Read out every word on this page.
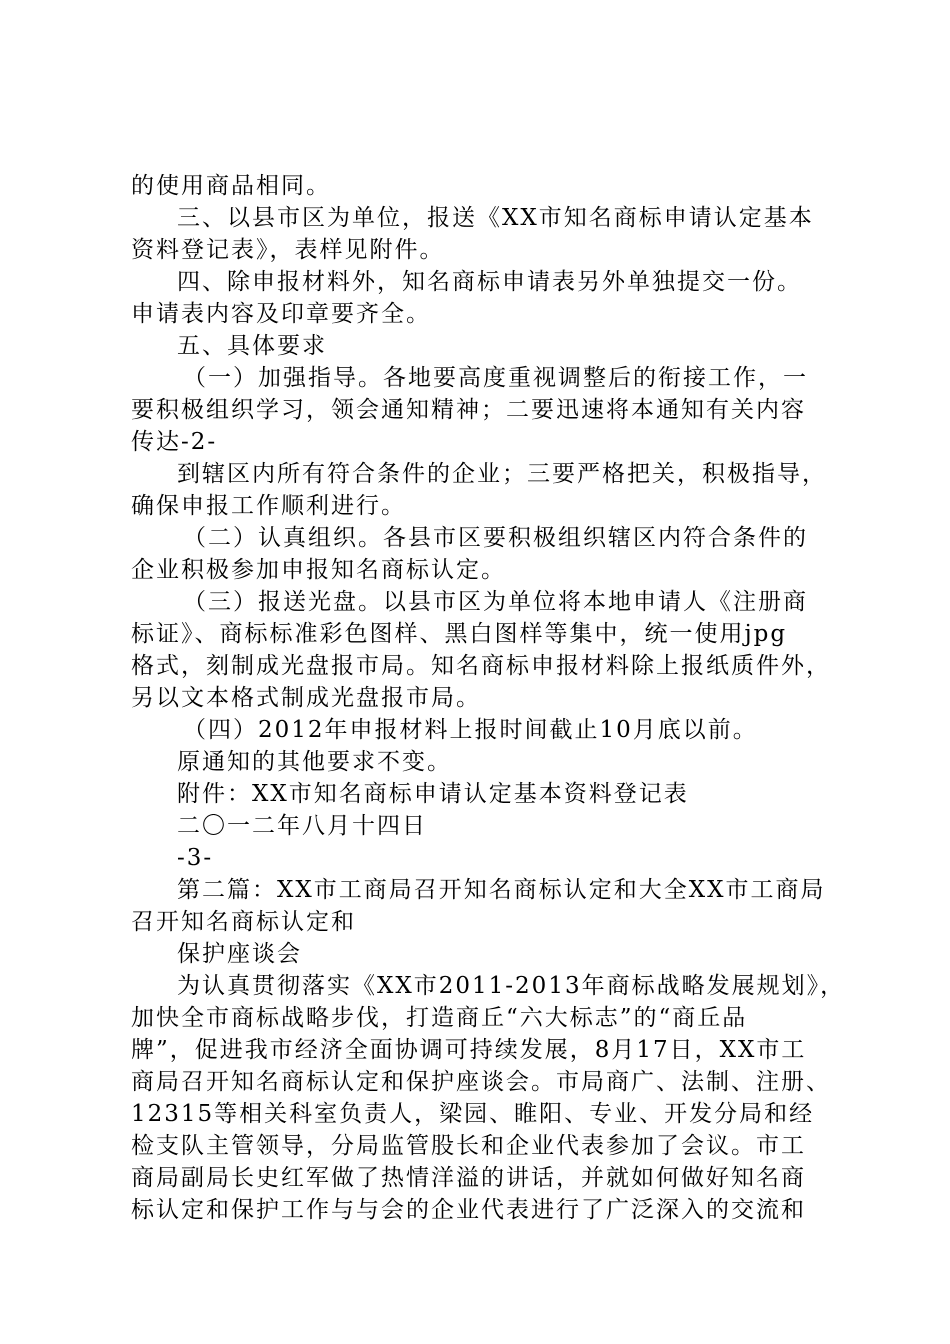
的使用商品相同。

三、以县市区为单位，报送《XX市知名商标申请认定基本

资料登记表》，表样见附件。

四、除申报材料外，知名商标申请表另外单独提交一份。

申请表内容及印章要齐全。

五、具体要求

（一）加强指导。各地要高度重视调整后的衔接工作，一

要积极组织学习，领会通知精神；二要迅速将本通知有关内容

传达-2-

到辖区内所有符合条件的企业；三要严格把关，积极指导，

确保申报工作顺利进行。

（二）认真组织。各县市区要积极组织辖区内符合条件的

企业积极参加申报知名商标认定。

（三）报送光盘。以县市区为单位将本地申请人《注册商

标证》、商标标准彩色图样、黑白图样等集中，统一使用jpg

格式，刻制成光盘报市局。知名商标申报材料除上报纸质件外，

另以文本格式制成光盘报市局。

（四）2012年申报材料上报时间截止10月底以前。

原通知的其他要求不变。

附件：XX市知名商标申请认定基本资料登记表

二〇一二年八月十四日

-3-

第二篇：XX市工商局召开知名商标认定和大全XX市工商局

召开知名商标认定和

保护座谈会

为认真贯彻落实《XX市2011-2013年商标战略发展规划》，

加快全市商标战略步伐，打造商丘“六大标志”的“商丘品

牌”，促进我市经济全面协调可持续发展，8月17日，XX市工

商局召开知名商标认定和保护座谈会。市局商广、法制、注册、

12315等相关科室负责人，梁园、睢阳、专业、开发分局和经

检支队主管领导，分局监管股长和企业代表参加了会议。市工

商局副局长史红军做了热情洋溢的讲话，并就如何做好知名商

标认定和保护工作与与会的企业代表进行了广泛深入的交流和
